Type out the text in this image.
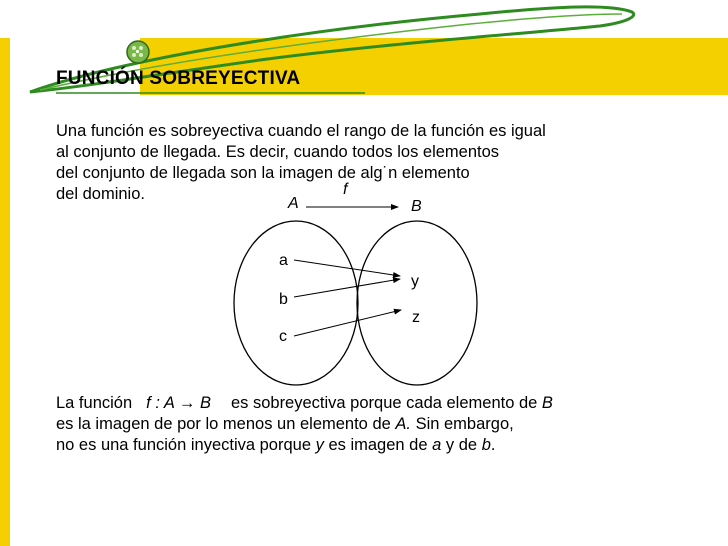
FUNCIÓN SOBREYECTIVA
Una función es sobreyectiva cuando el rango de la función es igual
al conjunto de llegada. Es decir, cuando todos los elementos
del conjunto de llegada son la imagen de alg˙n elemento
del dominio.	f
A	B
a
b
c
y
z
La función f : A → B es sobreyectiva porque cada elemento de B
es la imagen de por lo menos un elemento de A. Sin embargo,
no es una función inyectiva porque y es imagen de a y de b.
